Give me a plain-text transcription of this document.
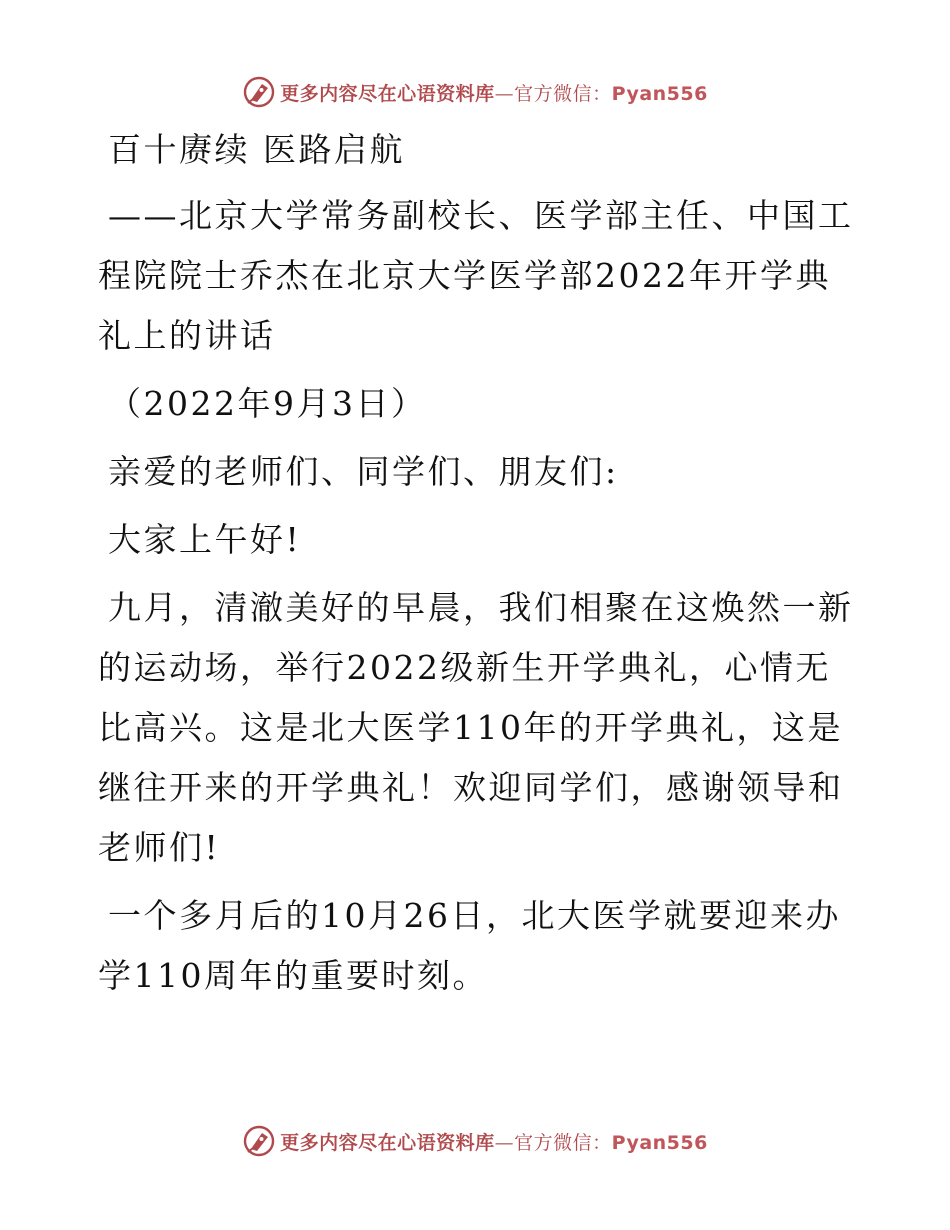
更多内容尽在心语资料库—官方微信：Pyan556

百十赓续 医路启航

——北京大学常务副校长、医学部主任、中国工程院院士乔杰在北京大学医学部2022年开学典礼上的讲话

（2022年9月3日）

亲爱的老师们、同学们、朋友们:

大家上午好!

九月，清澈美好的早晨，我们相聚在这焕然一新的运动场，举行2022级新生开学典礼，心情无比高兴。这是北大医学110年的开学典礼，这是继往开来的开学典礼！欢迎同学们，感谢领导和老师们!

一个多月后的10月26日，北大医学就要迎来办学110周年的重要时刻。

更多内容尽在心语资料库—官方微信：Pyan556
